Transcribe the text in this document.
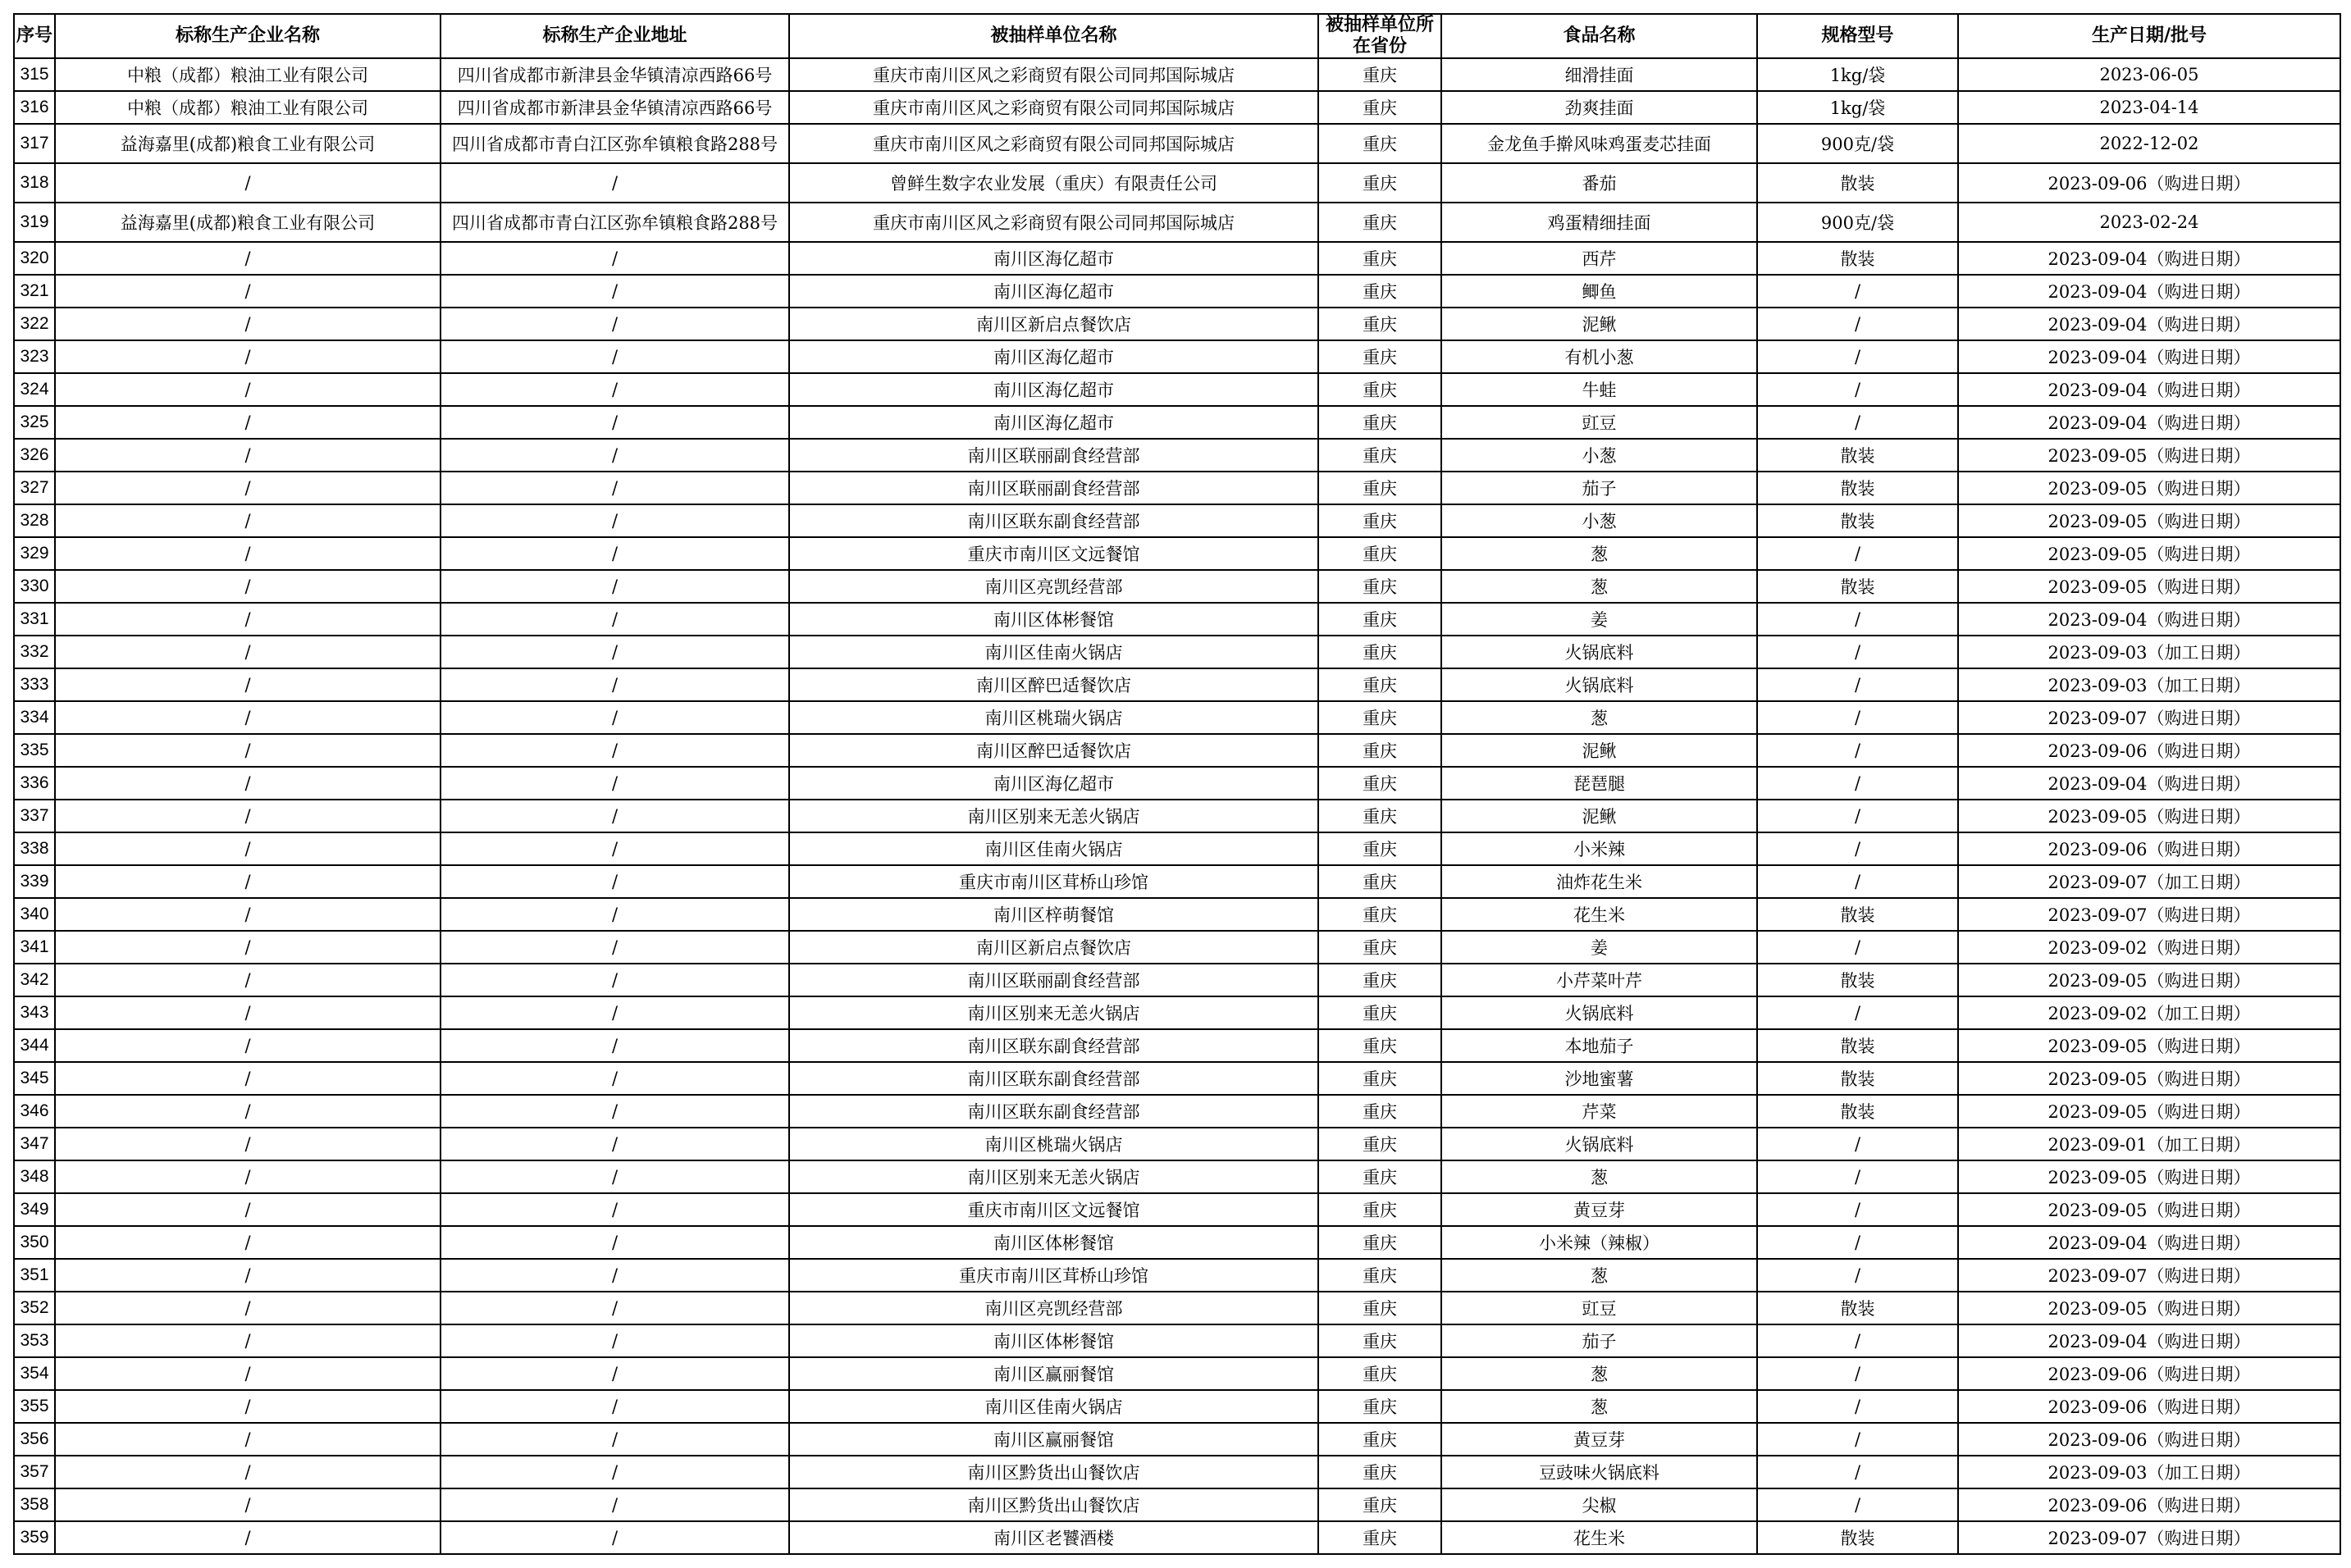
序号	标称生产企业名称	标称生产企业地址	被抽样单位名称	被抽样单位所在省份	食品名称	规格型号	生产日期/批号
315	中粮（成都）粮油工业有限公司	四川省成都市新津县金华镇清凉西路66号	重庆市南川区风之彩商贸有限公司同邦国际城店	重庆	细滑挂面	1kg/袋	2023-06-05
316	中粮（成都）粮油工业有限公司	四川省成都市新津县金华镇清凉西路66号	重庆市南川区风之彩商贸有限公司同邦国际城店	重庆	劲爽挂面	1kg/袋	2023-04-14
317	益海嘉里(成都)粮食工业有限公司	四川省成都市青白江区弥牟镇粮食路288号	重庆市南川区风之彩商贸有限公司同邦国际城店	重庆	金龙鱼手擀风味鸡蛋麦芯挂面	900克/袋	2022-12-02
318	/	/	曾鲜生数字农业发展（重庆）有限责任公司	重庆	番茄	散装	2023-09-06（购进日期）
319	益海嘉里(成都)粮食工业有限公司	四川省成都市青白江区弥牟镇粮食路288号	重庆市南川区风之彩商贸有限公司同邦国际城店	重庆	鸡蛋精细挂面	900克/袋	2023-02-24
320	/	/	南川区海亿超市	重庆	西芹	散装	2023-09-04（购进日期）
321	/	/	南川区海亿超市	重庆	鲫鱼	/	2023-09-04（购进日期）
322	/	/	南川区新启点餐饮店	重庆	泥鳅	/	2023-09-04（购进日期）
323	/	/	南川区海亿超市	重庆	有机小葱	/	2023-09-04（购进日期）
324	/	/	南川区海亿超市	重庆	牛蛙	/	2023-09-04（购进日期）
325	/	/	南川区海亿超市	重庆	豇豆	/	2023-09-04（购进日期）
326	/	/	南川区联丽副食经营部	重庆	小葱	散装	2023-09-05（购进日期）
327	/	/	南川区联丽副食经营部	重庆	茄子	散装	2023-09-05（购进日期）
328	/	/	南川区联东副食经营部	重庆	小葱	散装	2023-09-05（购进日期）
329	/	/	重庆市南川区文远餐馆	重庆	葱	/	2023-09-05（购进日期）
330	/	/	南川区亮凯经营部	重庆	葱	散装	2023-09-05（购进日期）
331	/	/	南川区体彬餐馆	重庆	姜	/	2023-09-04（购进日期）
332	/	/	南川区佳南火锅店	重庆	火锅底料	/	2023-09-03（加工日期）
333	/	/	南川区醉巴适餐饮店	重庆	火锅底料	/	2023-09-03（加工日期）
334	/	/	南川区桃瑞火锅店	重庆	葱	/	2023-09-07（购进日期）
335	/	/	南川区醉巴适餐饮店	重庆	泥鳅	/	2023-09-06（购进日期）
336	/	/	南川区海亿超市	重庆	琵琶腿	/	2023-09-04（购进日期）
337	/	/	南川区别来无恙火锅店	重庆	泥鳅	/	2023-09-05（购进日期）
338	/	/	南川区佳南火锅店	重庆	小米辣	/	2023-09-06（购进日期）
339	/	/	重庆市南川区茸桥山珍馆	重庆	油炸花生米	/	2023-09-07（加工日期）
340	/	/	南川区梓萌餐馆	重庆	花生米	散装	2023-09-07（购进日期）
341	/	/	南川区新启点餐饮店	重庆	姜	/	2023-09-02（购进日期）
342	/	/	南川区联丽副食经营部	重庆	小芹菜叶芹	散装	2023-09-05（购进日期）
343	/	/	南川区别来无恙火锅店	重庆	火锅底料	/	2023-09-02（加工日期）
344	/	/	南川区联东副食经营部	重庆	本地茄子	散装	2023-09-05（购进日期）
345	/	/	南川区联东副食经营部	重庆	沙地蜜薯	散装	2023-09-05（购进日期）
346	/	/	南川区联东副食经营部	重庆	芹菜	散装	2023-09-05（购进日期）
347	/	/	南川区桃瑞火锅店	重庆	火锅底料	/	2023-09-01（加工日期）
348	/	/	南川区别来无恙火锅店	重庆	葱	/	2023-09-05（购进日期）
349	/	/	重庆市南川区文远餐馆	重庆	黄豆芽	/	2023-09-05（购进日期）
350	/	/	南川区体彬餐馆	重庆	小米辣（辣椒）	/	2023-09-04（购进日期）
351	/	/	重庆市南川区茸桥山珍馆	重庆	葱	/	2023-09-07（购进日期）
352	/	/	南川区亮凯经营部	重庆	豇豆	散装	2023-09-05（购进日期）
353	/	/	南川区体彬餐馆	重庆	茄子	/	2023-09-04（购进日期）
354	/	/	南川区赢丽餐馆	重庆	葱	/	2023-09-06（购进日期）
355	/	/	南川区佳南火锅店	重庆	葱	/	2023-09-06（购进日期）
356	/	/	南川区赢丽餐馆	重庆	黄豆芽	/	2023-09-06（购进日期）
357	/	/	南川区黔货出山餐饮店	重庆	豆豉味火锅底料	/	2023-09-03（加工日期）
358	/	/	南川区黔货出山餐饮店	重庆	尖椒	/	2023-09-06（购进日期）
359	/	/	南川区老饕酒楼	重庆	花生米	散装	2023-09-07（购进日期）
